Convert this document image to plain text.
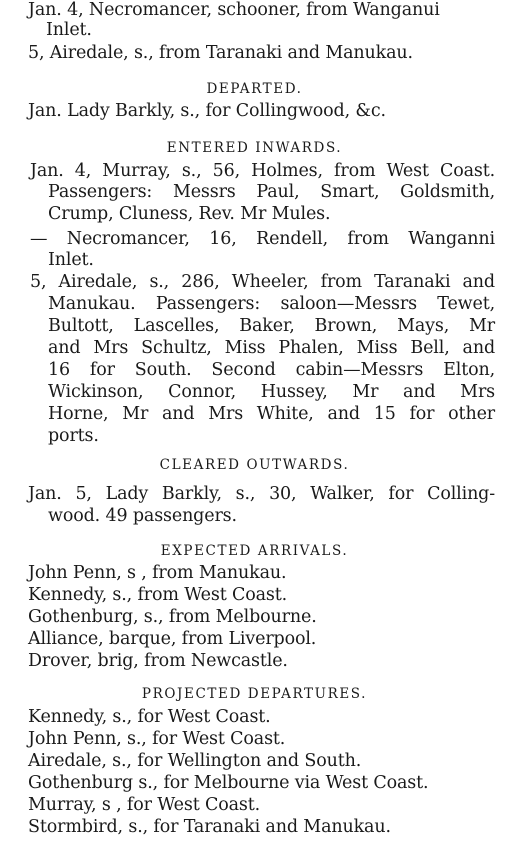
Jan. 4, Necromancer, schooner, from Wanganui
Inlet.
5, Airedale, s., from Taranaki and Manukau.
DEPARTED.
Jan. Lady Barkly, s., for Collingwood, &c.
ENTERED INWARDS.
Jan. 4, Murray, s., 56, Holmes, from West Coast.
Passengers: Messrs Paul, Smart, Goldsmith,
Crump, Cluness, Rev. Mr Mules.
— Necromancer, 16, Rendell, from Wanganni
Inlet.
5, Airedale, s., 286, Wheeler, from Taranaki and
Manukau. Passengers: saloon—Messrs Tewet,
Bultott, Lascelles, Baker, Brown, Mays, Mr
and Mrs Schultz, Miss Phalen, Miss Bell, and
16 for South. Second cabin—Messrs Elton,
Wickinson, Connor, Hussey, Mr and Mrs
Horne, Mr and Mrs White, and 15 for other
ports.
CLEARED OUTWARDS.
Jan. 5, Lady Barkly, s., 30, Walker, for Colling-
wood. 49 passengers.
EXPECTED ARRIVALS.
John Penn, s , from Manukau.
Kennedy, s., from West Coast.
Gothenburg, s., from Melbourne.
Alliance, barque, from Liverpool.
Drover, brig, from Newcastle.
PROJECTED DEPARTURES.
Kennedy, s., for West Coast.
John Penn, s., for West Coast.
Airedale, s., for Wellington and South.
Gothenburg s., for Melbourne via West Coast.
Murray, s , for West Coast.
Stormbird, s., for Taranaki and Manukau.
